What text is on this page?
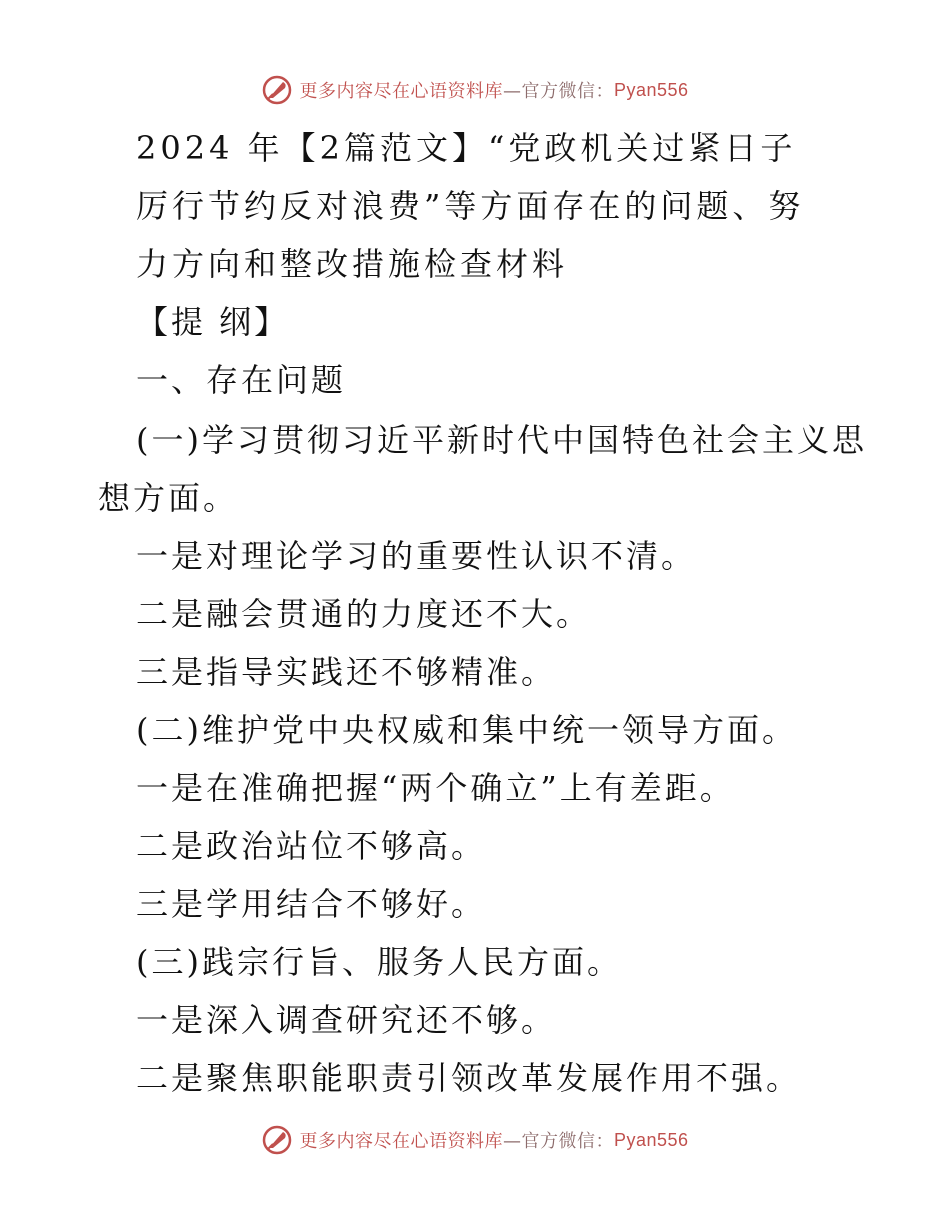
更多内容尽在心语资料库 —官方微信： Pyan556
2024 年【2篇范文】“党政机关过紧日子
厉行节约反对浪费”等方面存在的问题、努
力方向和整改措施检查材料
【提 纲】
一、存在问题
(一)学习贯彻习近平新时代中国特色社会主义思
想方面。
一是对理论学习的重要性认识不清。
二是融会贯通的力度还不大。
三是指导实践还不够精准。
(二)维护党中央权威和集中统一领导方面。
一是在准确把握“两个确立”上有差距。
二是政治站位不够高。
三是学用结合不够好。
(三)践宗行旨、服务人民方面。
一是深入调查研究还不够。
二是聚焦职能职责引领改革发展作用不强。
更多内容尽在心语资料库 —官方微信： Pyan556
